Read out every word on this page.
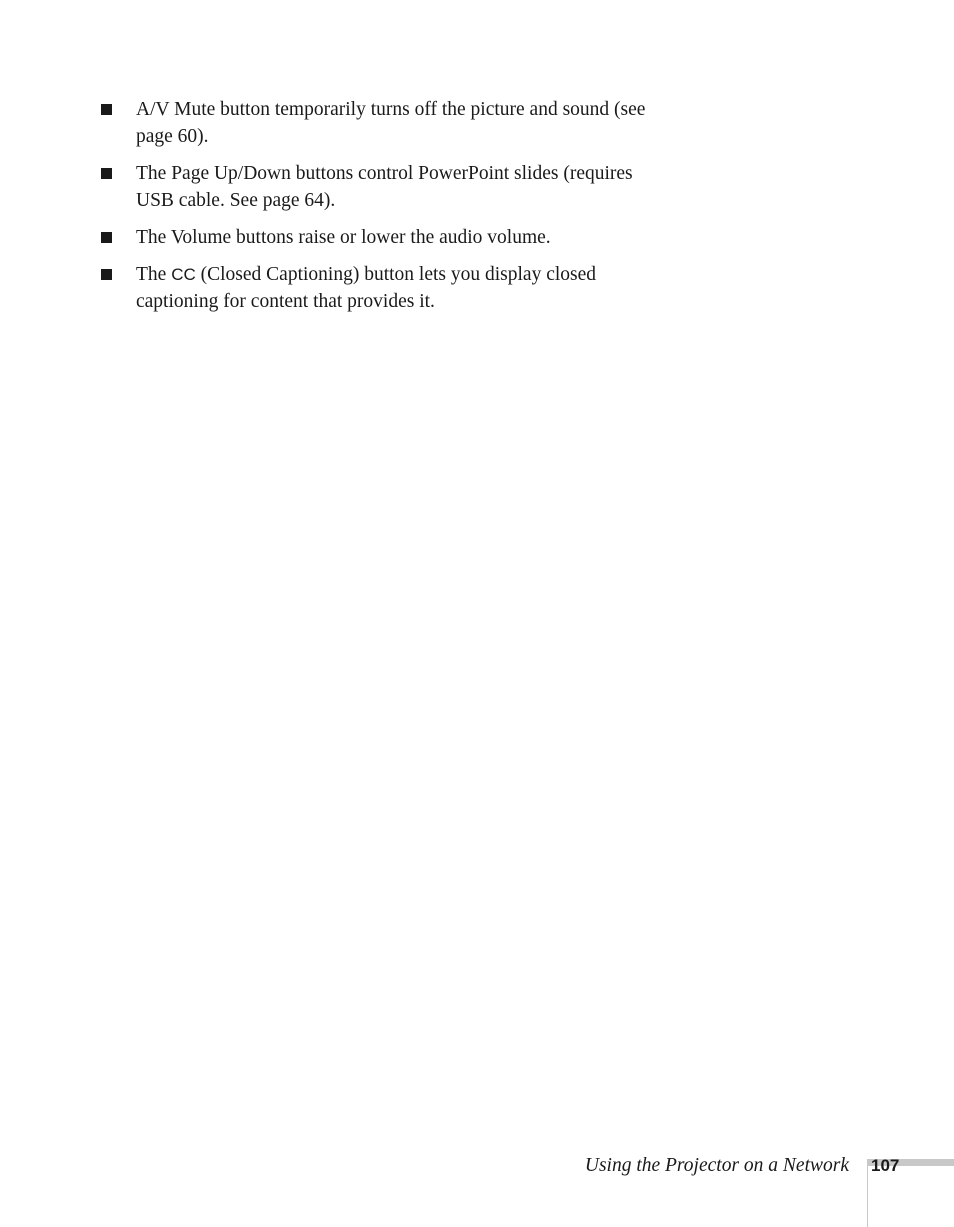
A/V Mute button temporarily turns off the picture and sound (see page 60).
The Page Up/Down buttons control PowerPoint slides (requires USB cable. See page 64).
The Volume buttons raise or lower the audio volume.
The CC (Closed Captioning) button lets you display closed captioning for content that provides it.
Using the Projector on a Network 107
